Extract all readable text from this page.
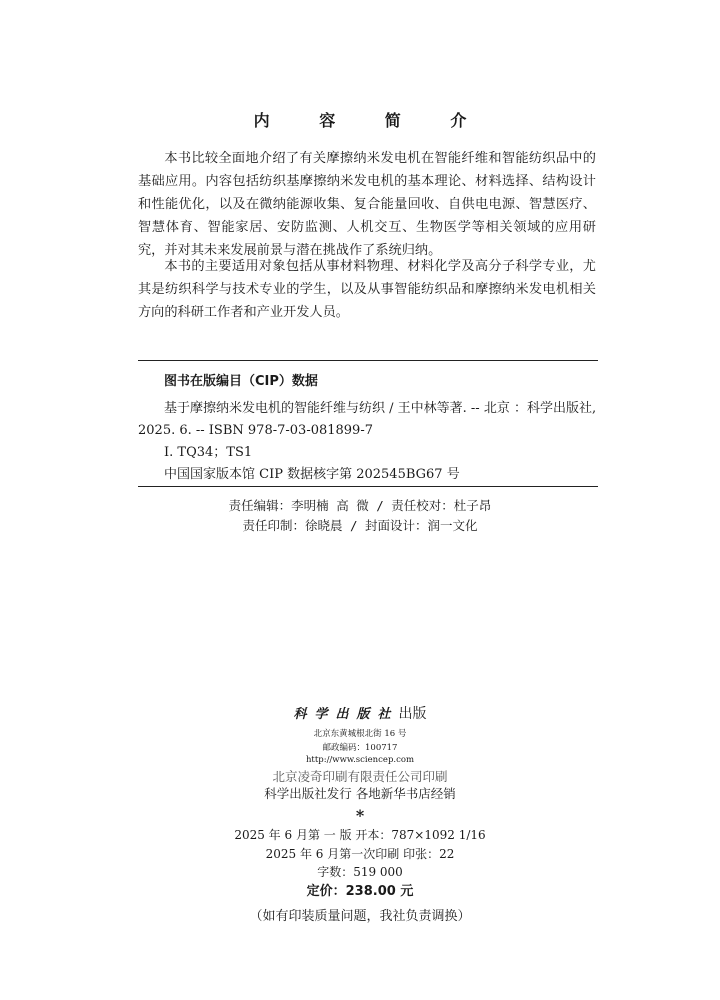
内 容 简 介
本书比较全面地介绍了有关摩擦纳米发电机在智能纤维和智能纺织品中的基础应用。内容包括纺织基摩擦纳米发电机的基本理论、材料选择、结构设计和性能优化，以及在微纳能源收集、复合能量回收、自供电电源、智慧医疗、智慧体育、智能家居、安防监测、人机交互、生物医学等相关领域的应用研究，并对其未来发展前景与潜在挑战作了系统归纳。
本书的主要适用对象包括从事材料物理、材料化学及高分子科学专业，尤其是纺织科学与技术专业的学生，以及从事智能纺织品和摩擦纳米发电机相关方向的科研工作者和产业开发人员。
图书在版编目（CIP）数据
基于摩擦纳米发电机的智能纤维与纺织 / 王中林等著. -- 北京 ：科学出版社, 2025. 6. -- ISBN 978-7-03-081899-7
Ⅰ. TQ34；TS1
中国国家版本馆 CIP 数据核字第 202545BG67 号
责任编辑：李明楠 高 微 / 责任校对：杜子昂
责任印制：徐晓晨 / 封面设计：润一文化
科学出版社出版
北京东黄城根北街 16 号
邮政编码：100717
http://www.sciencep.com
北京凌奇印刷有限责任公司印刷
科学出版社发行 各地新华书店经销
*
2025 年 6 月第 一 版 开本：787×1092 1/16
2025 年 6 月第一次印刷 印张：22
字数：519 000
定价：238.00 元
（如有印装质量问题，我社负责调换）
